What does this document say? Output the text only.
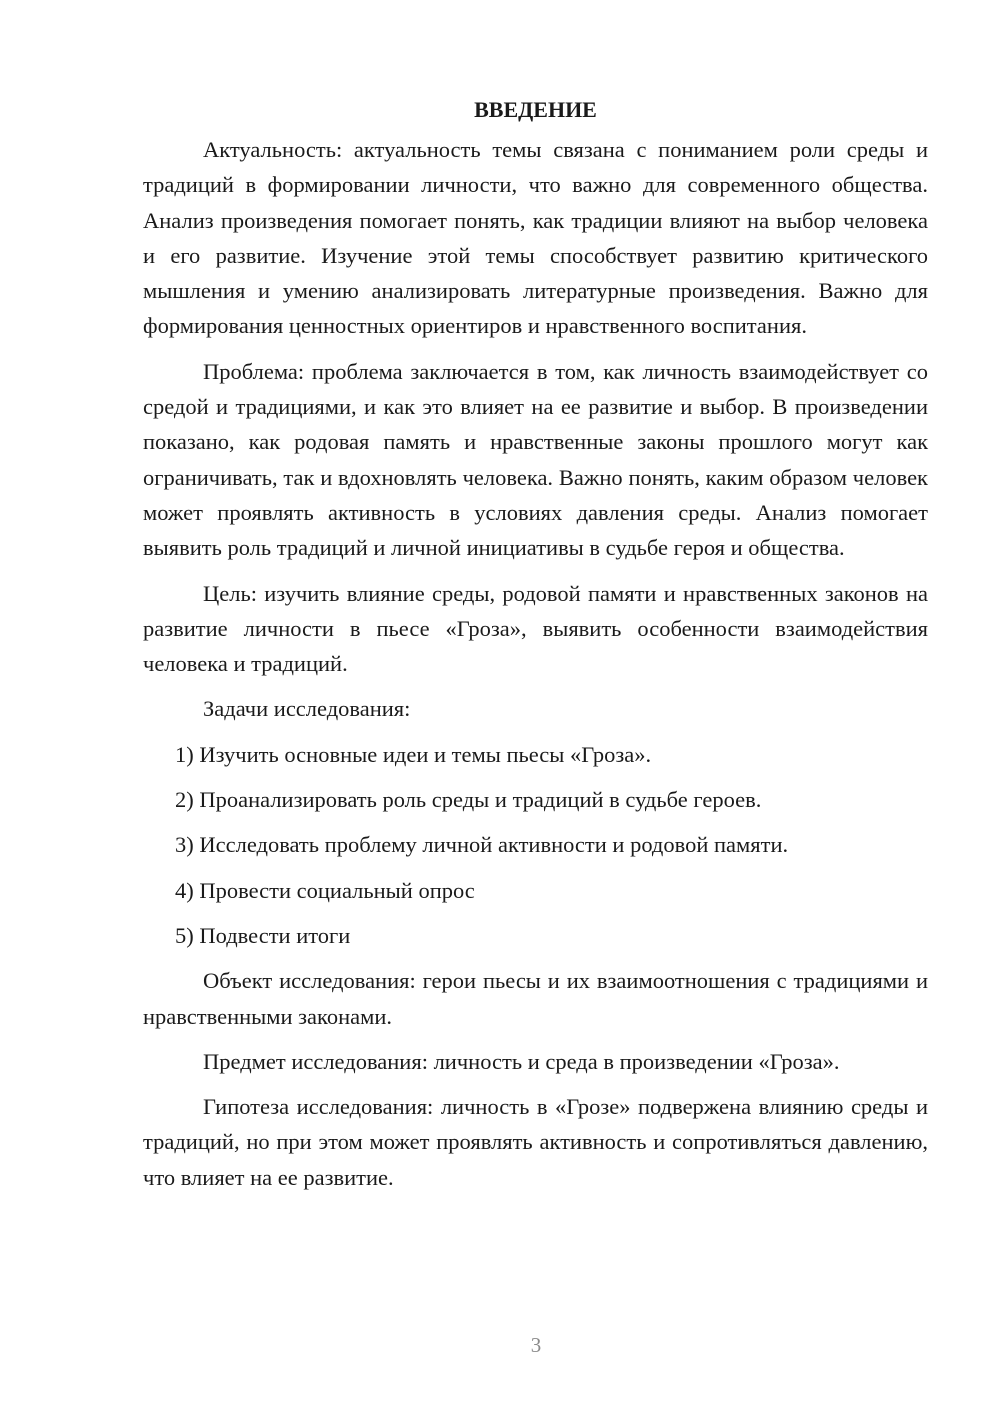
ВВЕДЕНИЕ

Актуальность: актуальность темы связана с пониманием роли среды и традиций в формировании личности, что важно для современного общества. Анализ произведения помогает понять, как традиции влияют на выбор человека и его развитие. Изучение этой темы способствует развитию критического мышления и умению анализировать литературные произведения. Важно для формирования ценностных ориентиров и нравственного воспитания.

Проблема: проблема заключается в том, как личность взаимодействует со средой и традициями, и как это влияет на ее развитие и выбор. В произведении показано, как родовая память и нравственные законы прошлого могут как ограничивать, так и вдохновлять человека. Важно понять, каким образом человек может проявлять активность в условиях давления среды. Анализ помогает выявить роль традиций и личной инициативы в судьбе героя и общества.

Цель: изучить влияние среды, родовой памяти и нравственных законов на развитие личности в пьесе «Гроза», выявить особенности взаимодействия человека и традиций.

Задачи исследования:

1) Изучить основные идеи и темы пьесы «Гроза».
2) Проанализировать роль среды и традиций в судьбе героев.
3) Исследовать проблему личной активности и родовой памяти.
4) Провести социальный опрос
5) Подвести итоги

Объект исследования: герои пьесы и их взаимоотношения с традициями и нравственными законами.

Предмет исследования: личность и среда в произведении «Гроза».

Гипотеза исследования: личность в «Грозе» подвержена влиянию среды и традиций, но при этом может проявлять активность и сопротивляться давлению, что влияет на ее развитие.

3
